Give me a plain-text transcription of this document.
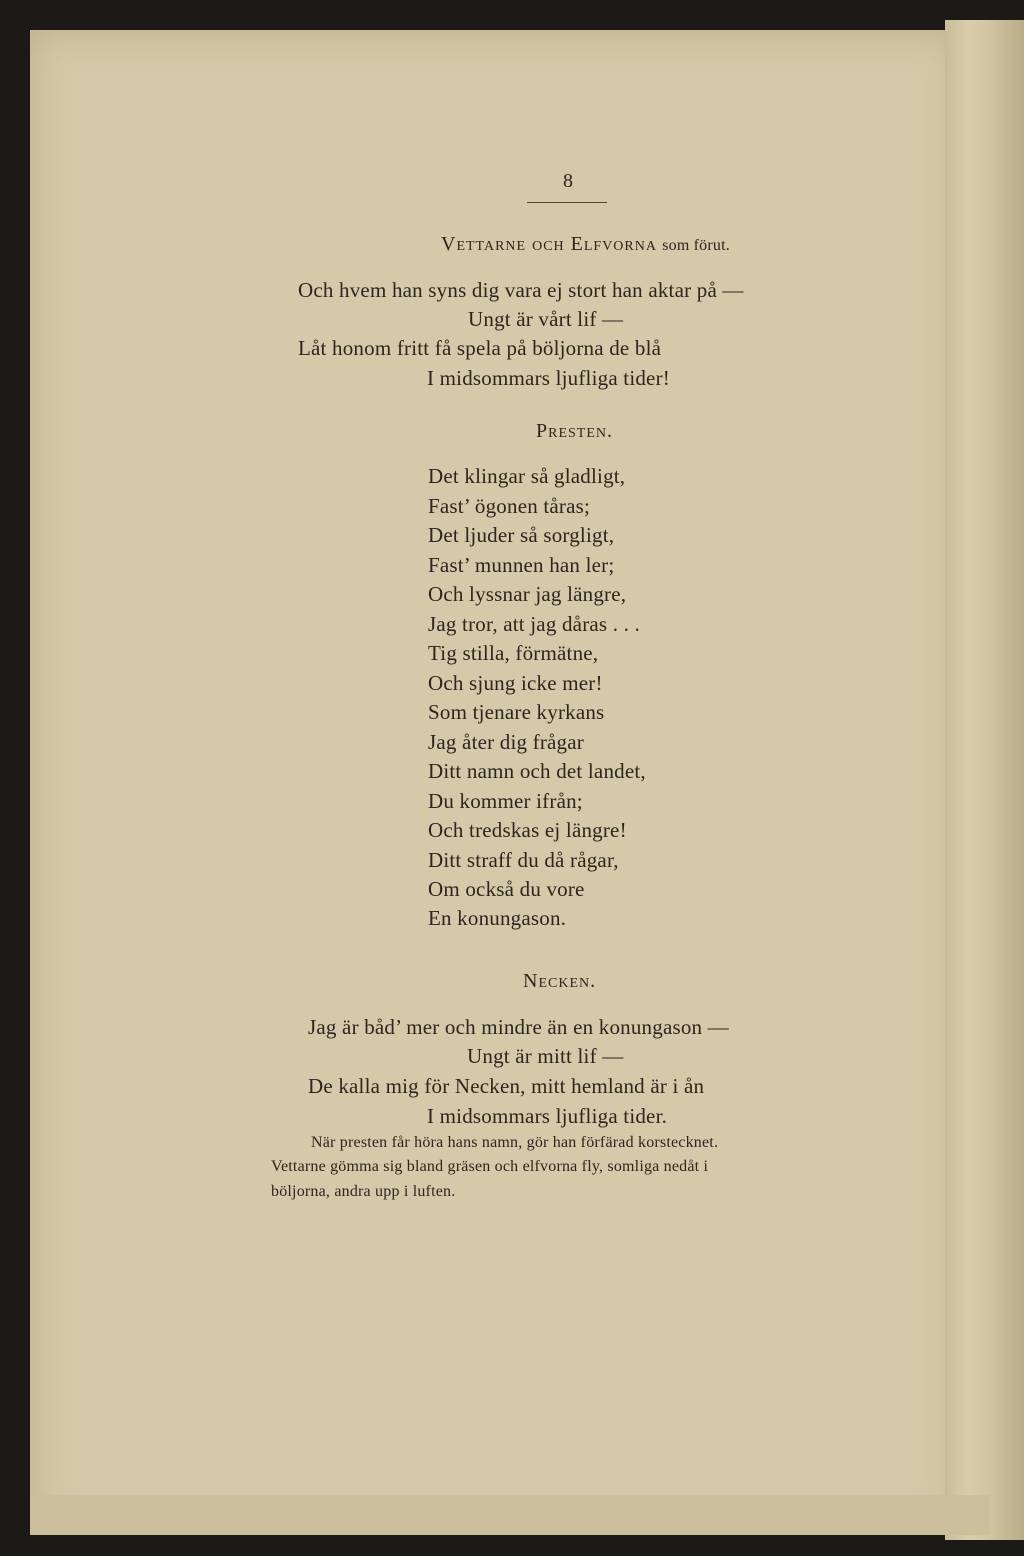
8
Vettarne och Elfvorna som förut.
Och hvem han syns dig vara ej stort han aktar på —
Ungt är vårt lif —
Låt honom fritt få spela på böljorna de blå
I midsommars ljufliga tider!
Presten.
Det klingar så gladligt,
Fast’ ögonen tåras;
Det ljuder så sorgligt,
Fast’ munnen han ler;
Och lyssnar jag längre,
Jag tror, att jag dåras . . .
Tig stilla, förmätne,
Och sjung icke mer!
Som tjenare kyrkans
Jag åter dig frågar
Ditt namn och det landet,
Du kommer ifrån;
Och tredskas ej längre!
Ditt straff du då rågar,
Om också du vore
En konungason.
Necken.
Jag är båd’ mer och mindre än en konungason —
Ungt är mitt lif —
De kalla mig för Necken, mitt hemland är i ån
I midsommars ljufliga tider.
När presten får höra hans namn, gör han förfärad korstecknet.
Vettarne gömma sig bland gräsen och elfvorna fly, somliga nedåt i
böljorna, andra upp i luften.
